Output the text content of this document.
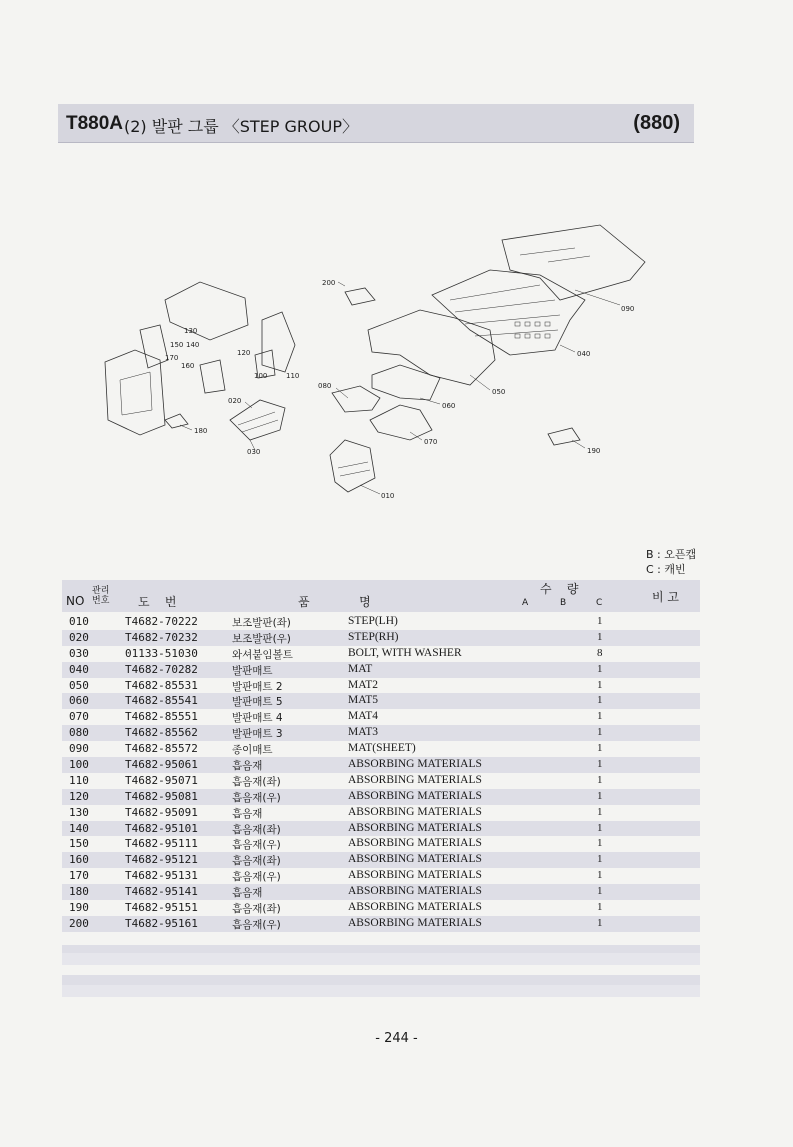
T880A (2) 발판 그룹 〈STEP GROUP〉	(880)
200
090
040
050
080
060
070
190
010
020
030
180
130
150 140
170
160
120
100	110
B : 오픈캡
C : 캐빈
NO
관리
번호	도    번	품             명
수    량
A	B	C	비 고
010	T4682-70222	보조발판(좌)	STEP(LH)	1
020	T4682-70232	보조발판(우)	STEP(RH)	1
030	01133-51030	와셔붙임볼트	BOLT, WITH WASHER	8
040	T4682-70282	발판매트	MAT	1
050	T4682-85531	발판매트 2	MAT2	1
060	T4682-85541	발판매트 5	MAT5	1
070	T4682-85551	발판매트 4	MAT4	1
080	T4682-85562	발판매트 3	MAT3	1
090	T4682-85572	종이매트	MAT(SHEET)	1
100	T4682-95061	흡음재	ABSORBING MATERIALS	1
110	T4682-95071	흡음재(좌)	ABSORBING MATERIALS	1
120	T4682-95081	흡음재(우)	ABSORBING MATERIALS	1
130	T4682-95091	흡음재	ABSORBING MATERIALS	1
140	T4682-95101	흡음재(좌)	ABSORBING MATERIALS	1
150	T4682-95111	흡음재(우)	ABSORBING MATERIALS	1
160	T4682-95121	흡음재(좌)	ABSORBING MATERIALS	1
170	T4682-95131	흡음재(우)	ABSORBING MATERIALS	1
180	T4682-95141	흡음재	ABSORBING MATERIALS	1
190	T4682-95151	흡음재(좌)	ABSORBING MATERIALS	1
200	T4682-95161	흡음재(우)	ABSORBING MATERIALS	1
- 244 -
